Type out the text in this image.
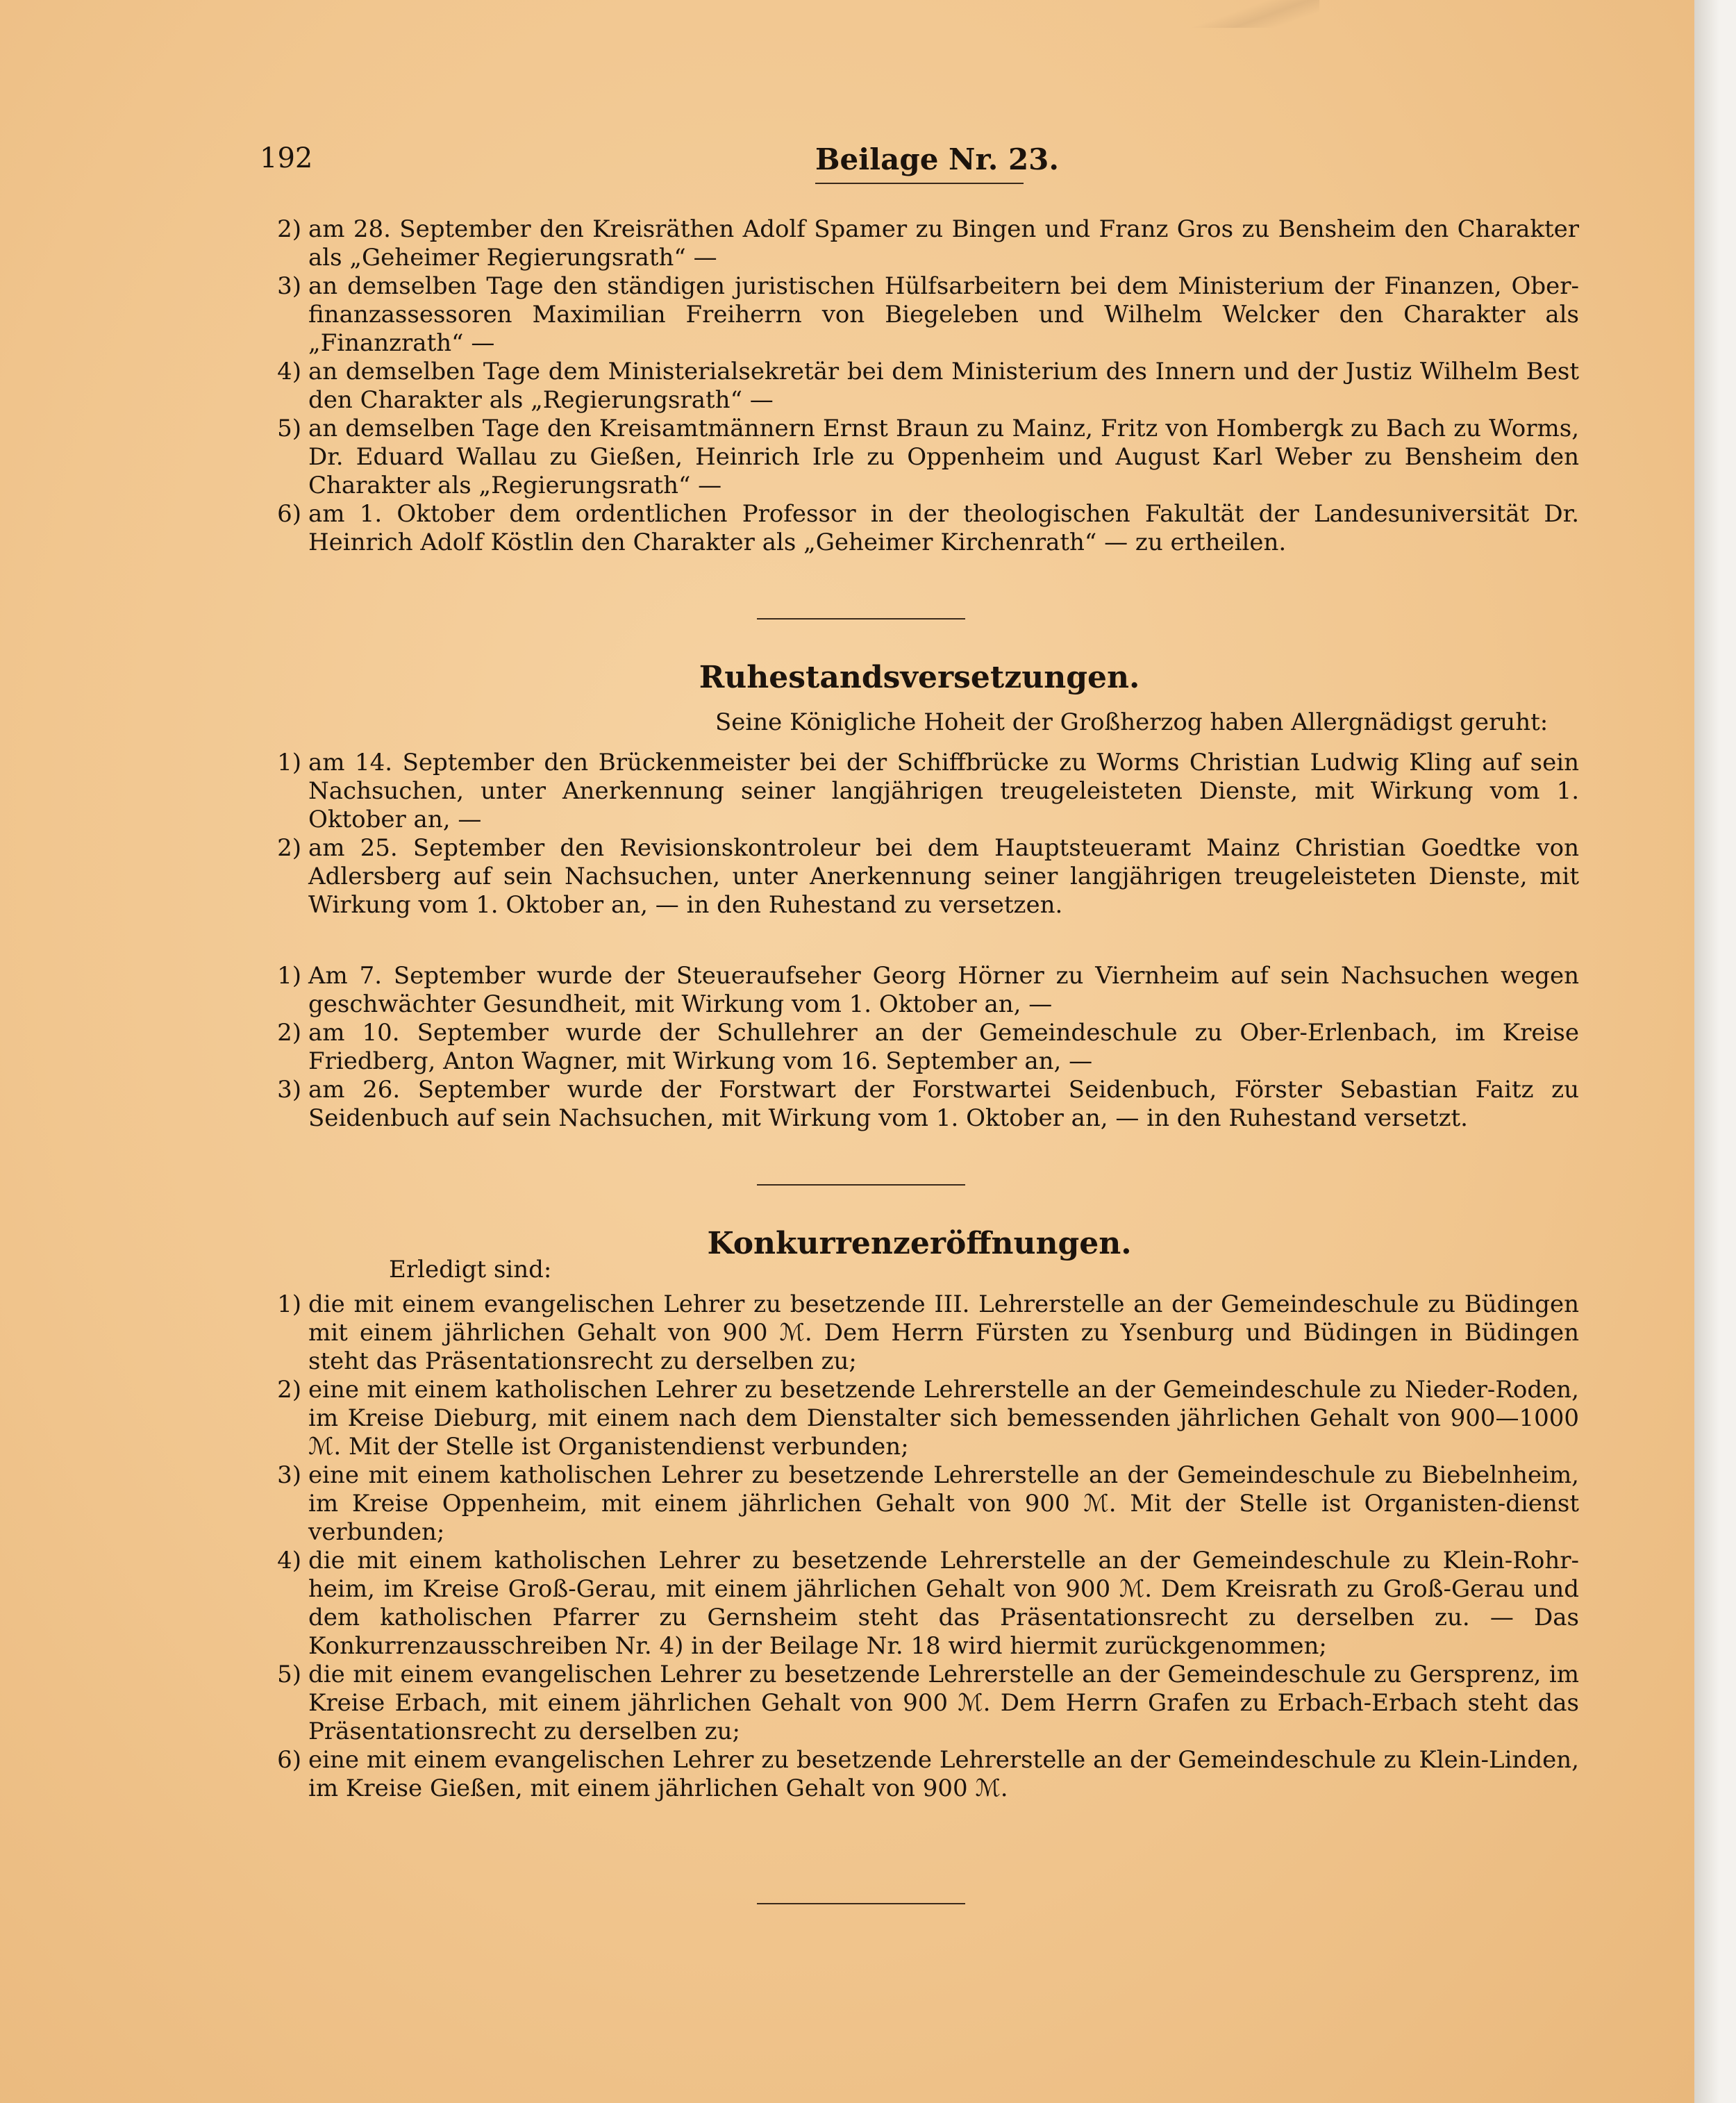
192	Beilage Nr. 23.
2) am 28. September den Kreisräthen Adolf Spamer zu Bingen und Franz Gros zu Bensheim den Charakter als „Geheimer Regierungsrath“ —
3) an demselben Tage den ständigen juristischen Hülfsarbeitern bei dem Ministerium der Finanzen, Ober-finanzassessoren Maximilian Freiherrn von Biegeleben und Wilhelm Welcker den Charakter als „Finanzrath“ —
4) an demselben Tage dem Ministerialsekretär bei dem Ministerium des Innern und der Justiz Wilhelm Best den Charakter als „Regierungsrath“ —
5) an demselben Tage den Kreisamtmännern Ernst Braun zu Mainz, Fritz von Hombergk zu Bach zu Worms, Dr. Eduard Wallau zu Gießen, Heinrich Irle zu Oppenheim und August Karl Weber zu Bensheim den Charakter als „Regierungsrath“ —
6) am 1. Oktober dem ordentlichen Professor in der theologischen Fakultät der Landesuniversität Dr. Heinrich Adolf Köstlin den Charakter als „Geheimer Kirchenrath“ — zu ertheilen.
Ruhestandsversetzungen.
Seine Königliche Hoheit der Großherzog haben Allergnädigst geruht:
1) am 14. September den Brückenmeister bei der Schiffbrücke zu Worms Christian Ludwig Kling auf sein Nachsuchen, unter Anerkennung seiner langjährigen treugeleisteten Dienste, mit Wirkung vom 1. Oktober an, —
2) am 25. September den Revisionskontroleur bei dem Hauptsteueramt Mainz Christian Goedtke von Adlersberg auf sein Nachsuchen, unter Anerkennung seiner langjährigen treugeleisteten Dienste, mit Wirkung vom 1. Oktober an, — in den Ruhestand zu versetzen.
1) Am 7. September wurde der Steueraufseher Georg Hörner zu Viernheim auf sein Nachsuchen wegen geschwächter Gesundheit, mit Wirkung vom 1. Oktober an, —
2) am 10. September wurde der Schullehrer an der Gemeindeschule zu Ober-Erlenbach, im Kreise Friedberg, Anton Wagner, mit Wirkung vom 16. September an, —
3) am 26. September wurde der Forstwart der Forstwartei Seidenbuch, Förster Sebastian Faitz zu Seidenbuch auf sein Nachsuchen, mit Wirkung vom 1. Oktober an, — in den Ruhestand versetzt.
Konkurrenzeröffnungen.
Erledigt sind:
1) die mit einem evangelischen Lehrer zu besetzende III. Lehrerstelle an der Gemeindeschule zu Büdingen mit einem jährlichen Gehalt von 900 ℳ. Dem Herrn Fürsten zu Ysenburg und Büdingen in Büdingen steht das Präsentationsrecht zu derselben zu;
2) eine mit einem katholischen Lehrer zu besetzende Lehrerstelle an der Gemeindeschule zu Nieder-Roden, im Kreise Dieburg, mit einem nach dem Dienstalter sich bemessenden jährlichen Gehalt von 900—1000 ℳ. Mit der Stelle ist Organistendienst verbunden;
3) eine mit einem katholischen Lehrer zu besetzende Lehrerstelle an der Gemeindeschule zu Biebelnheim, im Kreise Oppenheim, mit einem jährlichen Gehalt von 900 ℳ. Mit der Stelle ist Organisten-dienst verbunden;
4) die mit einem katholischen Lehrer zu besetzende Lehrerstelle an der Gemeindeschule zu Klein-Rohr-heim, im Kreise Groß-Gerau, mit einem jährlichen Gehalt von 900 ℳ. Dem Kreisrath zu Groß-Gerau und dem katholischen Pfarrer zu Gernsheim steht das Präsentationsrecht zu derselben zu. — Das Konkurrenzausschreiben Nr. 4) in der Beilage Nr. 18 wird hiermit zurückgenommen;
5) die mit einem evangelischen Lehrer zu besetzende Lehrerstelle an der Gemeindeschule zu Gersprenz, im Kreise Erbach, mit einem jährlichen Gehalt von 900 ℳ. Dem Herrn Grafen zu Erbach-Erbach steht das Präsentationsrecht zu derselben zu;
6) eine mit einem evangelischen Lehrer zu besetzende Lehrerstelle an der Gemeindeschule zu Klein-Linden, im Kreise Gießen, mit einem jährlichen Gehalt von 900 ℳ.
